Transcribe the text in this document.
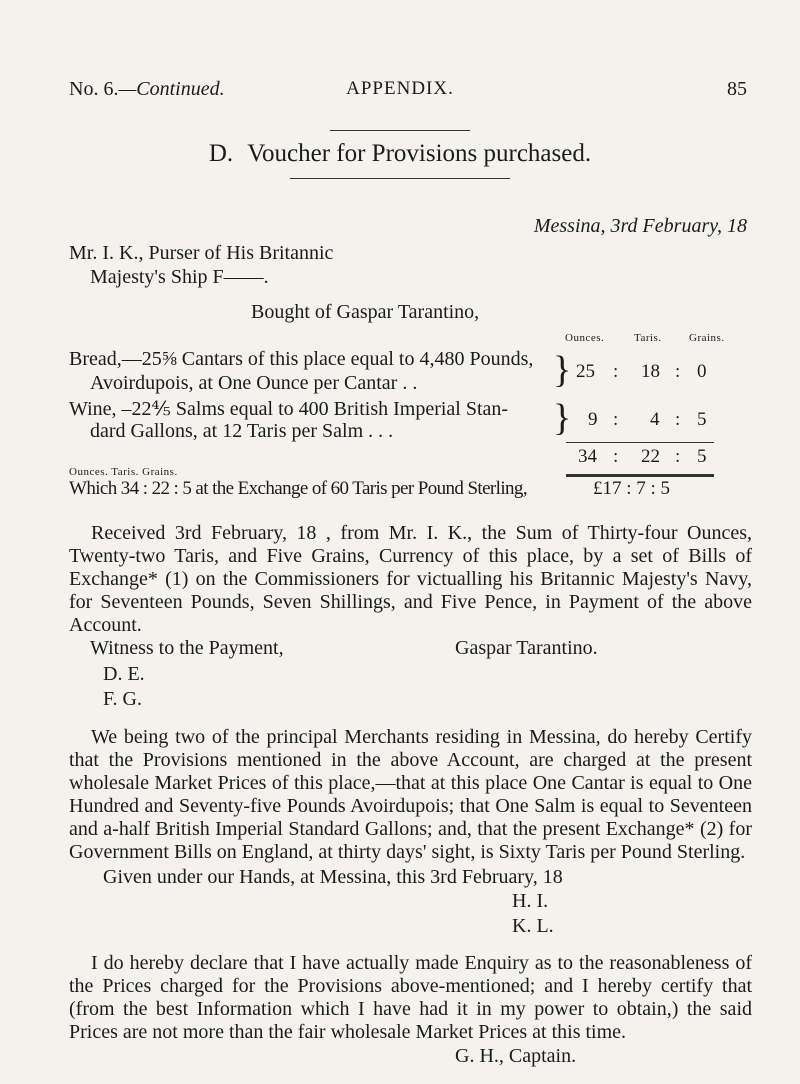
No. 6.—Continued.	APPENDIX.	85
D. Voucher for Provisions purchased.
Messina, 3rd February, 18
Mr. I. K., Purser of His Britannic
Majesty's Ship F——.
Bought of Gaspar Tarantino,
Ounces.	Taris. Grains.
Bread,—25⅝ Cantars of this place equal to 4,480 Pounds,
Avoirdupois, at One Ounce per Cantar . .	} 25 : 18 : 0
Wine, –22⅘ Salms equal to 400 British Imperial Stan-
dard Gallons, at 12 Taris per Salm . . .	} 9 : 4 : 5
34 : 22 : 5
Ounces. Taris. Grains.
Which 34 : 22 : 5 at the Exchange of 60 Taris per Pound Sterling,	£17 : 7 : 5

Received 3rd February, 18 , from Mr. I. K., the Sum of Thirty-four Ounces, Twenty-two Taris, and Five Grains, Currency of this place, by a set of Bills of Exchange* (1) on the Commissioners for victualling his Britannic Majesty's Navy, for Seventeen Pounds, Seven Shillings, and Five Pence, in Payment of the above Account.

Witness to the Payment,	Gaspar Tarantino.
D. E.
F. G.

We being two of the principal Merchants residing in Messina, do hereby Certify that the Provisions mentioned in the above Account, are charged at the present wholesale Market Prices of this place,—that at this place One Cantar is equal to One Hundred and Seventy-five Pounds Avoirdupois; that One Salm is equal to Seventeen and a-half British Imperial Standard Gallons; and, that the present Exchange* (2) for Government Bills on England, at thirty days' sight, is Sixty Taris per Pound Sterling.

Given under our Hands, at Messina, this 3rd February, 18
H. I.
K. L.

I do hereby declare that I have actually made Enquiry as to the reasonableness of the Prices charged for the Provisions above-mentioned; and I hereby certify that (from the best Information which I have had it in my power to obtain,) the said Prices are not more than the fair wholesale Market Prices at this time.

G. H., Captain.
